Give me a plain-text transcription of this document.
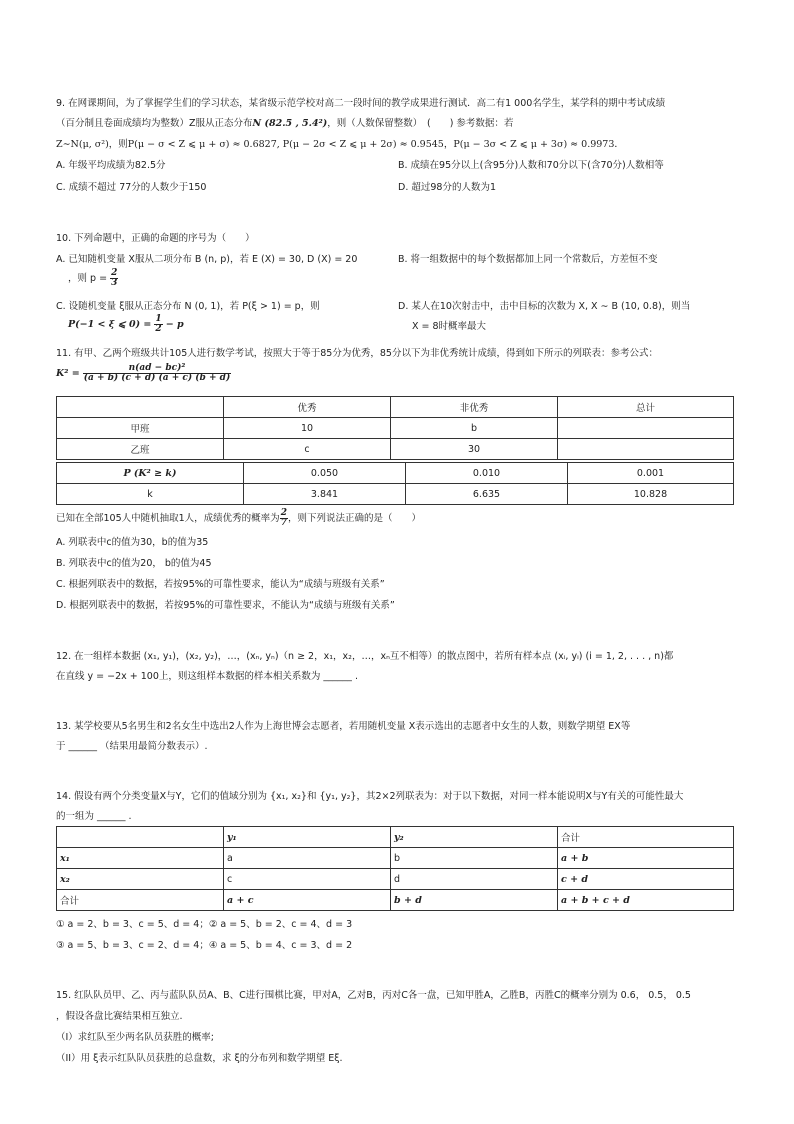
9. 在网课期间，为了掌握学生们的学习状态，某省级示范学校对高二一段时间的教学成果进行测试．高二有1 000名学生，某学科的期中考试成绩
（百分制且卷面成绩均为整数）Z服从正态分布N (82.5 , 5.4²)，则（人数保留整数）　(　　) 参考数据：若
Z∼N(μ, σ²)，则P(μ − σ < Z ⩽ μ + σ) ≈ 0.6827, P(μ − 2σ < Z ⩽ μ + 2σ) ≈ 0.9545，P(μ − 3σ < Z ⩽ μ + 3σ) ≈ 0.9973．
A. 年级平均成绩为82.5分	B. 成绩在95分以上(含95分)人数和70分以下(含70分)人数相等
C. 成绩不超过 77分的人数少于150	D. 超过98分的人数为1
10. 下列命题中，正确的命题的序号为（　　）
A. 已知随机变量 X服从二项分布 B (n, p)，若 E (X) = 30, D (X) = 20
，则 $p = \frac{2}{3}$
B. 将一组数据中的每个数据都加上同一个常数后，方差恒不变
C. 设随机变量 ξ服从正态分布 N (0, 1)，若 P(ξ > 1) = p，则
P(−1 < ξ ⩽ $0) = \frac{1}{2} - p$
D. 某人在10次射击中，击中目标的次数为 X, X ∼ B (10, 0.8)，则当
X = 8时概率最大
11. 有甲、乙两个班级共计105人进行数学考试，按照大于等于85分为优秀，85分以下为非优秀统计成绩，得到如下所示的列联表：参考公式：
$K^2 = \frac{\text{n(ad − bc)²}}{(a + b) (c + d) (a + c) (b + d)}$
	优秀	非优秀	总计
甲班	10	b	
乙班	c	30	
P (K² ≥ k)	0.050	0.010	0.001
k	3.841	6.635	10.828
已知在全部105人中随机抽取1人，成绩优秀的概率为 $\frac{2}{7}$ ，则下列说法正确的是（　　）
A. 列联表中c的值为30，b的值为35
B. 列联表中c的值为20， b的值为45
C. 根据列联表中的数据，若按95%的可靠性要求，能认为“成绩与班级有关系”
D. 根据列联表中的数据，若按95%的可靠性要求，不能认为“成绩与班级有关系”
12. 在一组样本数据 (x₁, y₁)，(x₂, y₂)，…，(xₙ, yₙ)（n ≥ 2，x₁，x₂，…，xₙ互不相等）的散点图中，若所有样本点 (xᵢ, yᵢ) (i = 1, 2, . . . , n)都
在直线 y = −2x + 100上，则这组样本数据的样本相关系数为 ______ .
13. 某学校要从5名男生和2名女生中选出2人作为上海世博会志愿者，若用随机变量 X表示选出的志愿者中女生的人数，则数学期望 EX等
于 ______ （结果用最简分数表示）.
14. 假设有两个分类变量X与Y，它们的值域分别为 {x₁, x₂}和 {y₁, y₂}，其2×2列联表为：对于以下数据，对同一样本能说明X与Y有关的可能性最大
的一组为 ______ .
	y₁	y₂	合计
x₁	a	b	a + b
x₂	c	d	c + d
合计	a + c	b + d	a + b + c + d
① a = 2、b = 3、c = 5、d = 4；② a = 5、b = 2、c = 4、d = 3
③ a = 5、b = 3、c = 2、d = 4；④ a = 5、b = 4、c = 3、d = 2
15. 红队队员甲、乙、丙与蓝队队员A、B、C进行围棋比赛，甲对A，乙对B，丙对C各一盘，已知甲胜A，乙胜B，丙胜C的概率分别为 0.6， 0.5， 0.5
，假设各盘比赛结果相互独立.
（I）求红队至少两名队员获胜的概率;
（II）用 ξ表示红队队员获胜的总盘数，求 ξ的分布列和数学期望 Eξ.
